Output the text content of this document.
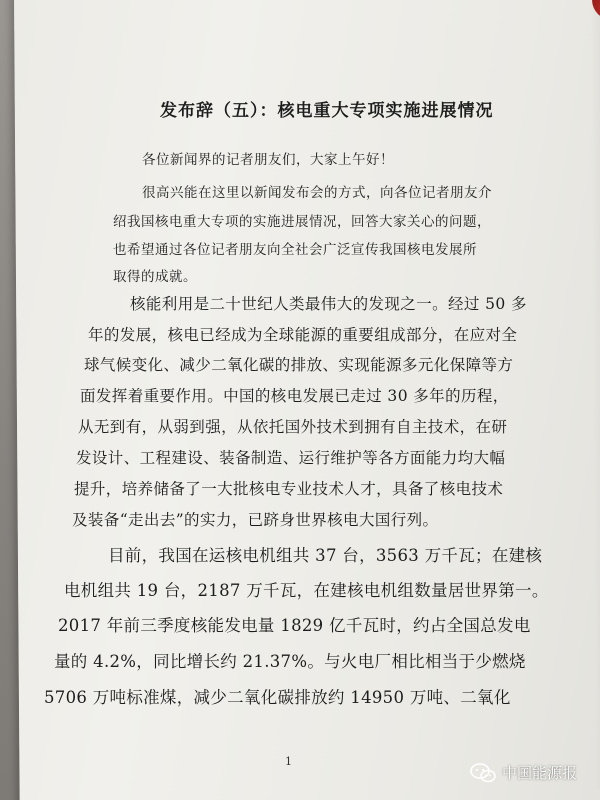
发布辞（五）：核电重大专项实施进展情况
各位新闻界的记者朋友们，大家上午好！
很高兴能在这里以新闻发布会的方式，向各位记者朋友介
绍我国核电重大专项的实施进展情况，回答大家关心的问题，
也希望通过各位记者朋友向全社会广泛宣传我国核电发展所
取得的成就。
核能利用是二十世纪人类最伟大的发现之一。经过 50 多
年的发展，核电已经成为全球能源的重要组成部分，在应对全
球气候变化、减少二氧化碳的排放、实现能源多元化保障等方
面发挥着重要作用。中国的核电发展已走过 30 多年的历程，
从无到有，从弱到强，从依托国外技术到拥有自主技术，在研
发设计、工程建设、装备制造、运行维护等各方面能力均大幅
提升，培养储备了一大批核电专业技术人才，具备了核电技术
及装备“走出去”的实力，已跻身世界核电大国行列。
目前，我国在运核电机组共 37 台，3563 万千瓦；在建核
电机组共 19 台，2187 万千瓦，在建核电机组数量居世界第一。
2017 年前三季度核能发电量 1829 亿千瓦时，约占全国总发电
量的 4.2%，同比增长约 21.37%。与火电厂相比相当于少燃烧
5706 万吨标准煤，减少二氧化碳排放约 14950 万吨、二氧化
1
中国能源报
